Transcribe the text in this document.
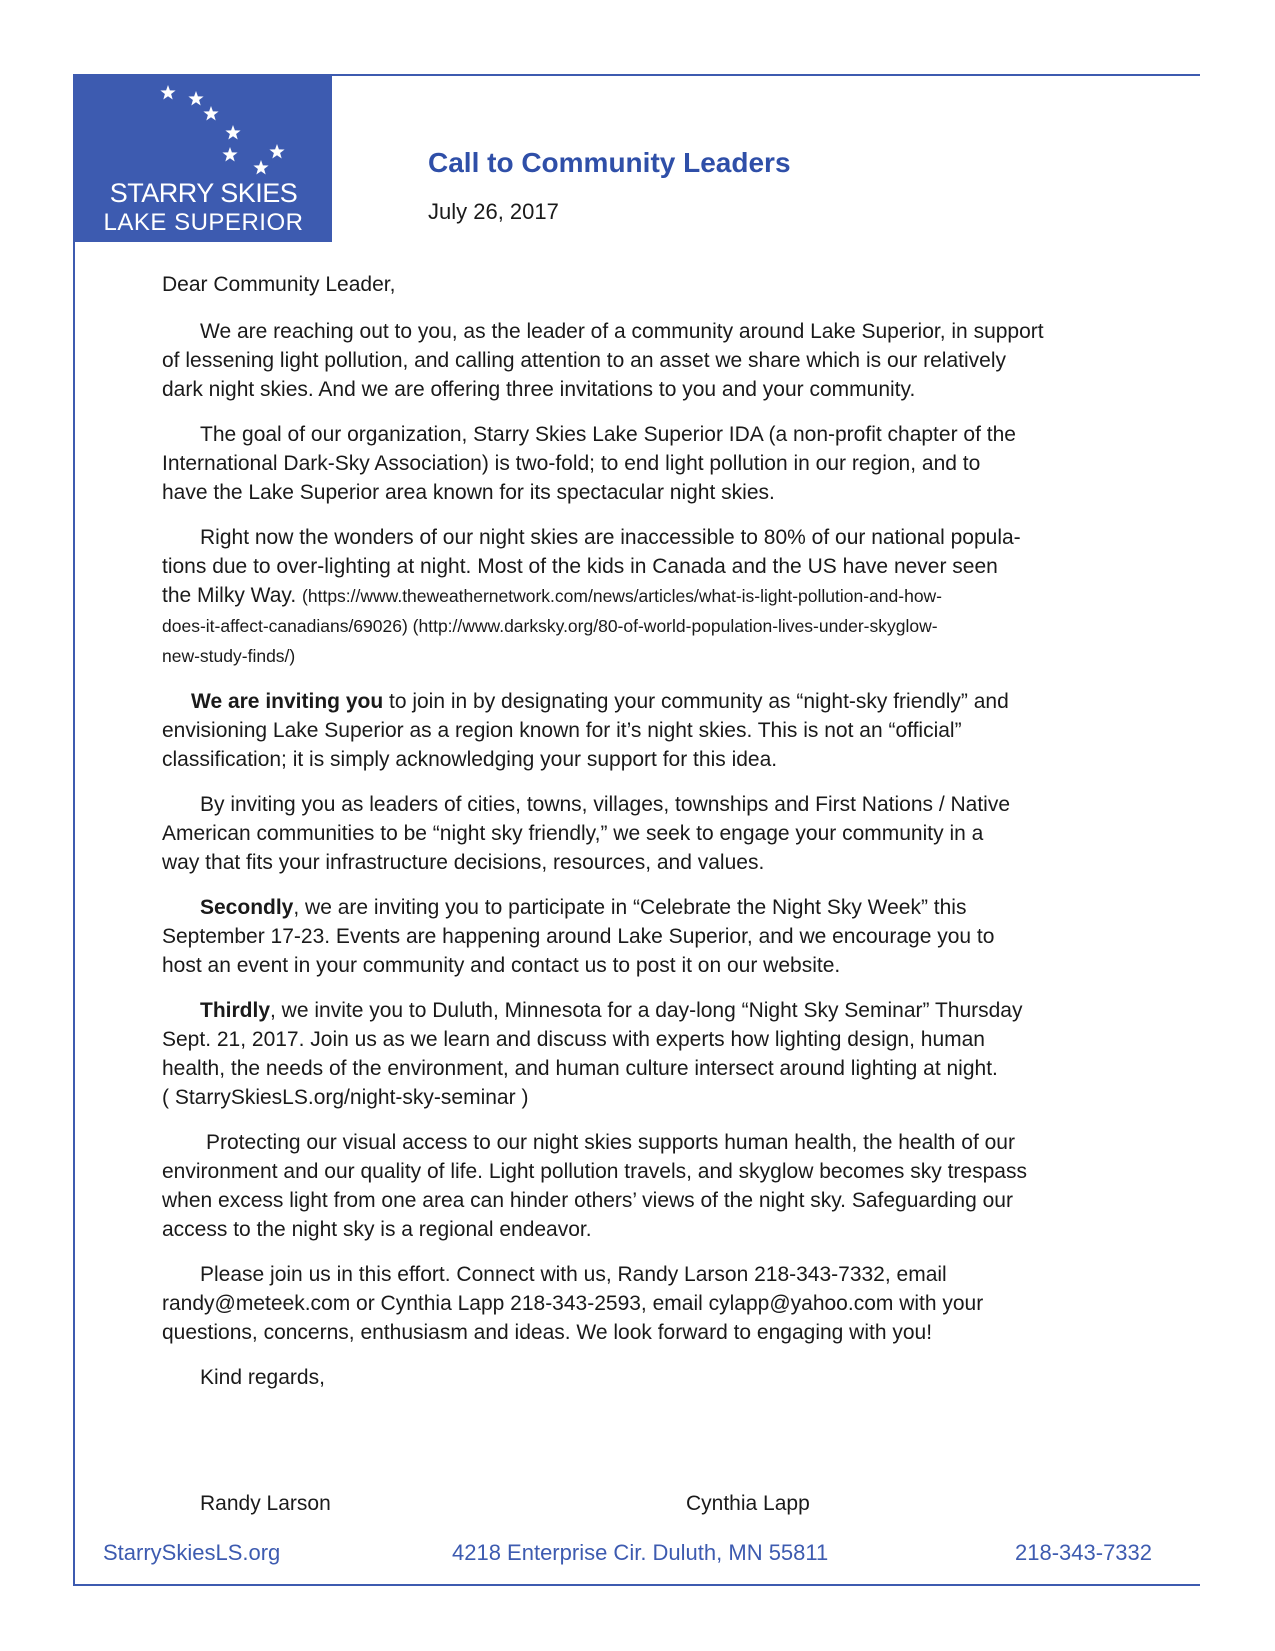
STARRY SKIES
LAKE SUPERIOR
Call to Community Leaders
July 26, 2017

Dear Community Leader,

We are reaching out to you, as the leader of a community around Lake Superior, in support
of lessening light pollution, and calling attention to an asset we share which is our relatively
dark night skies. And we are offering three invitations to you and your community.

The goal of our organization, Starry Skies Lake Superior IDA (a non-profit chapter of the
International Dark-Sky Association) is two-fold; to end light pollution in our region, and to
have the Lake Superior area known for its spectacular night skies.

Right now the wonders of our night skies are inaccessible to 80% of our national popula-
tions due to over-lighting at night. Most of the kids in Canada and the US have never seen
the Milky Way. (https://www.theweathernetwork.com/news/articles/what-is-light-pollution-and-how-
does-it-affect-canadians/69026) (http://www.darksky.org/80-of-world-population-lives-under-skyglow-
new-study-finds/)

We are inviting you to join in by designating your community as “night-sky friendly” and
envisioning Lake Superior as a region known for it’s night skies. This is not an “official”
classification; it is simply acknowledging your support for this idea.

By inviting you as leaders of cities, towns, villages, townships and First Nations / Native
American communities to be “night sky friendly,” we seek to engage your community in a
way that fits your infrastructure decisions, resources, and values.

Secondly, we are inviting you to participate in “Celebrate the Night Sky Week” this
September 17-23. Events are happening around Lake Superior, and we encourage you to
host an event in your community and contact us to post it on our website.

Thirdly, we invite you to Duluth, Minnesota for a day-long “Night Sky Seminar” Thursday
Sept. 21, 2017. Join us as we learn and discuss with experts how lighting design, human
health, the needs of the environment, and human culture intersect around lighting at night.
( StarrySkiesLS.org/night-sky-seminar )

Protecting our visual access to our night skies supports human health, the health of our
environment and our quality of life. Light pollution travels, and skyglow becomes sky trespass
when excess light from one area can hinder others’ views of the night sky. Safeguarding our
access to the night sky is a regional endeavor.

Please join us in this effort. Connect with us, Randy Larson 218-343-7332, email
randy@meteek.com or Cynthia Lapp 218-343-2593, email cylapp@yahoo.com with your
questions, concerns, enthusiasm and ideas. We look forward to engaging with you!

Kind regards,

Randy Larson	Cynthia Lapp
StarrySkiesLS.org	4218 Enterprise Cir. Duluth, MN 55811	218-343-7332
